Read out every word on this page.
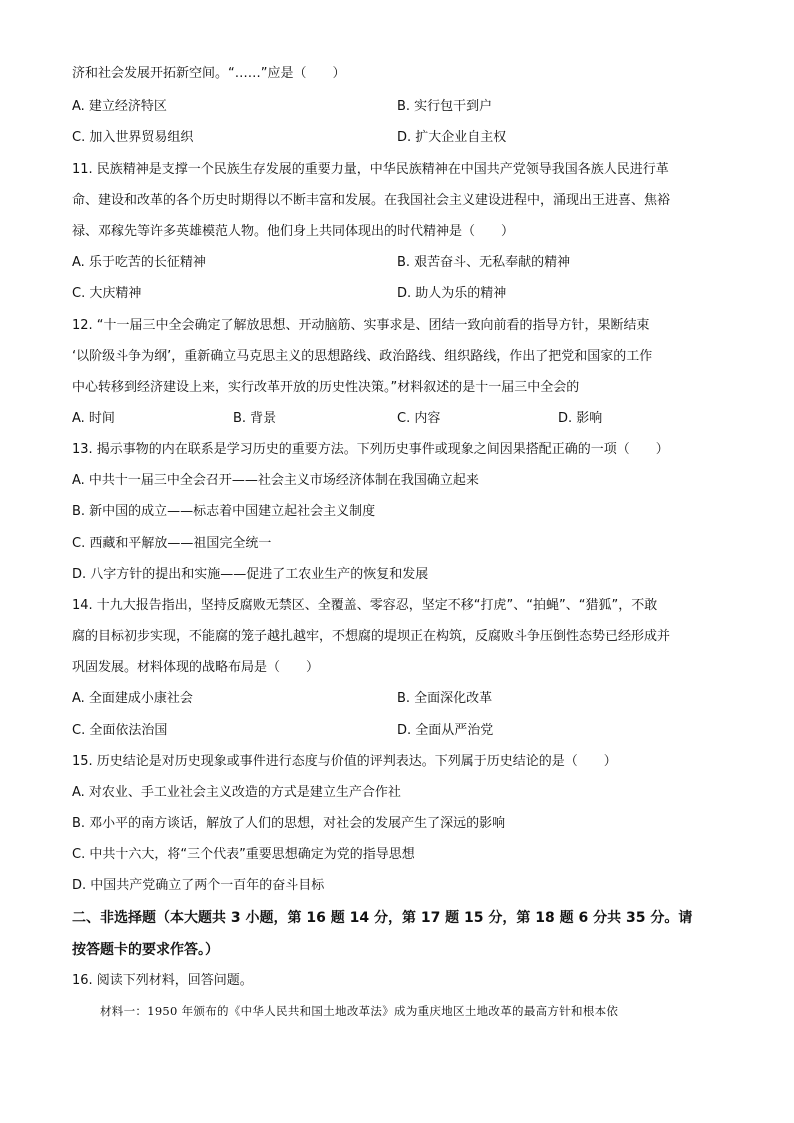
济和社会发展开拓新空间。“……”应是（　　）
A. 建立经济特区	B. 实行包干到户
C. 加入世界贸易组织	D. 扩大企业自主权
11. 民族精神是支撑一个民族生存发展的重要力量，中华民族精神在中国共产党领导我国各族人民进行革
命、建设和改革的各个历史时期得以不断丰富和发展。在我国社会主义建设进程中，涌现出王进喜、焦裕
禄、邓稼先等许多英雄模范人物。他们身上共同体现出的时代精神是（　　）
A. 乐于吃苦的长征精神	B. 艰苦奋斗、无私奉献的精神
C. 大庆精神	D. 助人为乐的精神
12. “十一届三中全会确定了解放思想、开动脑筋、实事求是、团结一致向前看的指导方针，果断结束
‘以阶级斗争为纲’，重新确立马克思主义的思想路线、政治路线、组织路线，作出了把党和国家的工作
中心转移到经济建设上来，实行改革开放的历史性决策。”材料叙述的是十一届三中全会的
A. 时间	B. 背景	C. 内容	D. 影响
13. 揭示事物的内在联系是学习历史的重要方法。下列历史事件或现象之间因果搭配正确的一项（　　）
A. 中共十一届三中全会召开——社会主义市场经济体制在我国确立起来
B. 新中国的成立——标志着中国建立起社会主义制度
C. 西藏和平解放——祖国完全统一
D. 八字方针的提出和实施——促进了工农业生产的恢复和发展
14. 十九大报告指出，坚持反腐败无禁区、全覆盖、零容忍，坚定不移“打虎”、“拍蝇”、“猎狐”，不敢
腐的目标初步实现，不能腐的笼子越扎越牢，不想腐的堤坝正在构筑，反腐败斗争压倒性态势已经形成并
巩固发展。材料体现的战略布局是（　　）
A. 全面建成小康社会	B. 全面深化改革
C. 全面依法治国	D. 全面从严治党
15. 历史结论是对历史现象或事件进行态度与价值的评判表达。下列属于历史结论的是（　　）
A. 对农业、手工业社会主义改造的方式是建立生产合作社
B. 邓小平的南方谈话，解放了人们的思想，对社会的发展产生了深远的影响
C. 中共十六大，将“三个代表”重要思想确定为党的指导思想
D. 中国共产党确立了两个一百年的奋斗目标
二、非选择题（本大题共 3 小题，第 16 题 14 分，第 17 题 15 分，第 18 题 6 分共 35 分。请
按答题卡的要求作答。）
16. 阅读下列材料，回答问题。
材料一：1950 年颁布的《中华人民共和国土地改革法》成为重庆地区土地改革的最高方针和根本依
